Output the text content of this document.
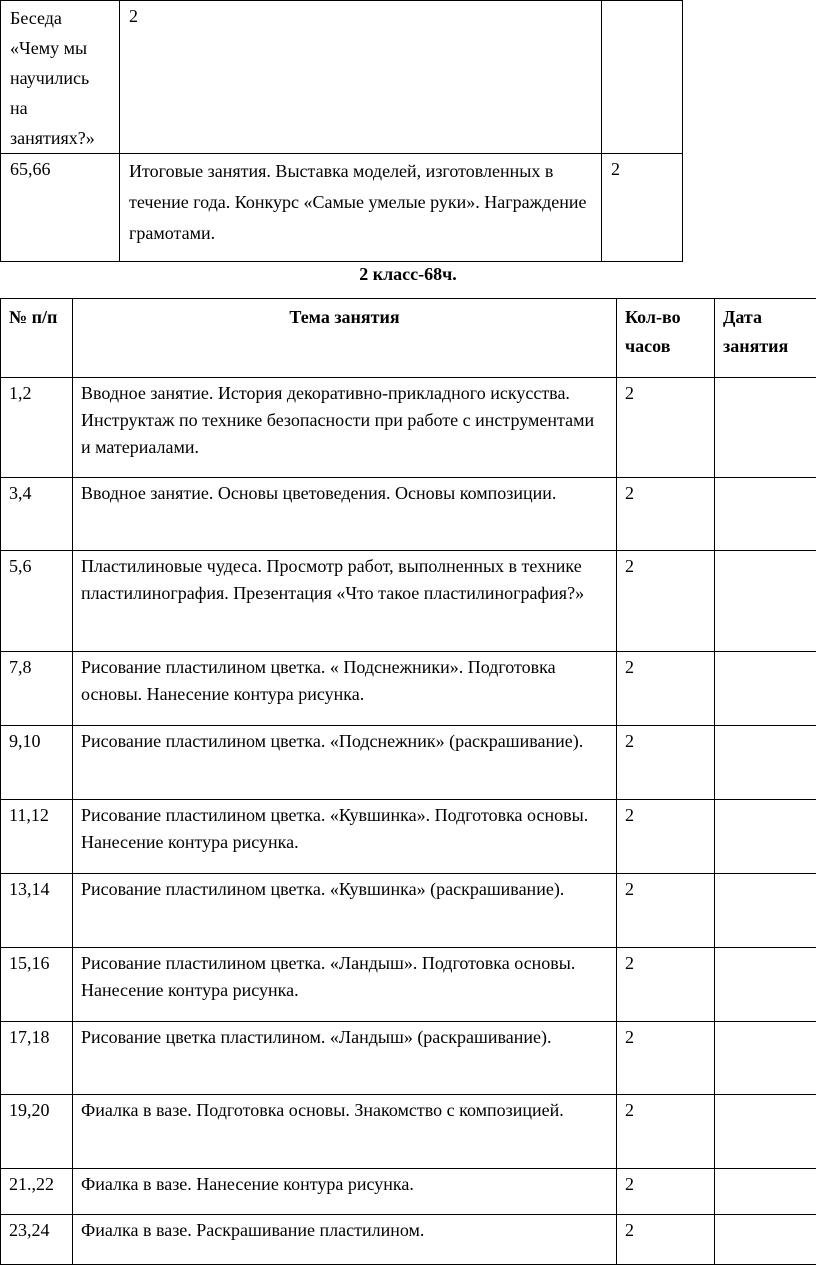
Беседа «Чему мы научились на занятиях?»	2	
65,66	Итоговые занятия. Выставка моделей, изготовленных в течение года. Конкурс «Самые умелые руки». Награждение грамотами.	2
2 класс-68ч.
№ п/п	Тема занятия	Кол-во часов	Дата занятия
1,2	Вводное занятие. История декоративно-прикладного искусства. Инструктаж по технике безопасности при работе с инструментами и материалами.	2	
3,4	Вводное занятие. Основы цветоведения. Основы композиции.	2	
5,6	Пластилиновые чудеса. Просмотр работ, выполненных в технике пластилинография. Презентация «Что такое пластилинография?»	2	
7,8	Рисование пластилином цветка. « Подснежники». Подготовка основы. Нанесение контура рисунка.	2	
9,10	Рисование пластилином цветка. «Подснежник» (раскрашивание).	2	
11,12	Рисование пластилином цветка. «Кувшинка». Подготовка основы. Нанесение контура рисунка.	2	
13,14	Рисование пластилином цветка. «Кувшинка» (раскрашивание).	2	
15,16	Рисование пластилином цветка. «Ландыш». Подготовка основы. Нанесение контура рисунка.	2	
17,18	Рисование цветка пластилином. «Ландыш» (раскрашивание).	2	
19,20	Фиалка в вазе. Подготовка основы. Знакомство с композицией.	2	
21.,22	Фиалка в вазе. Нанесение контура рисунка.	2	
23,24	Фиалка в вазе. Раскрашивание пластилином.	2	
